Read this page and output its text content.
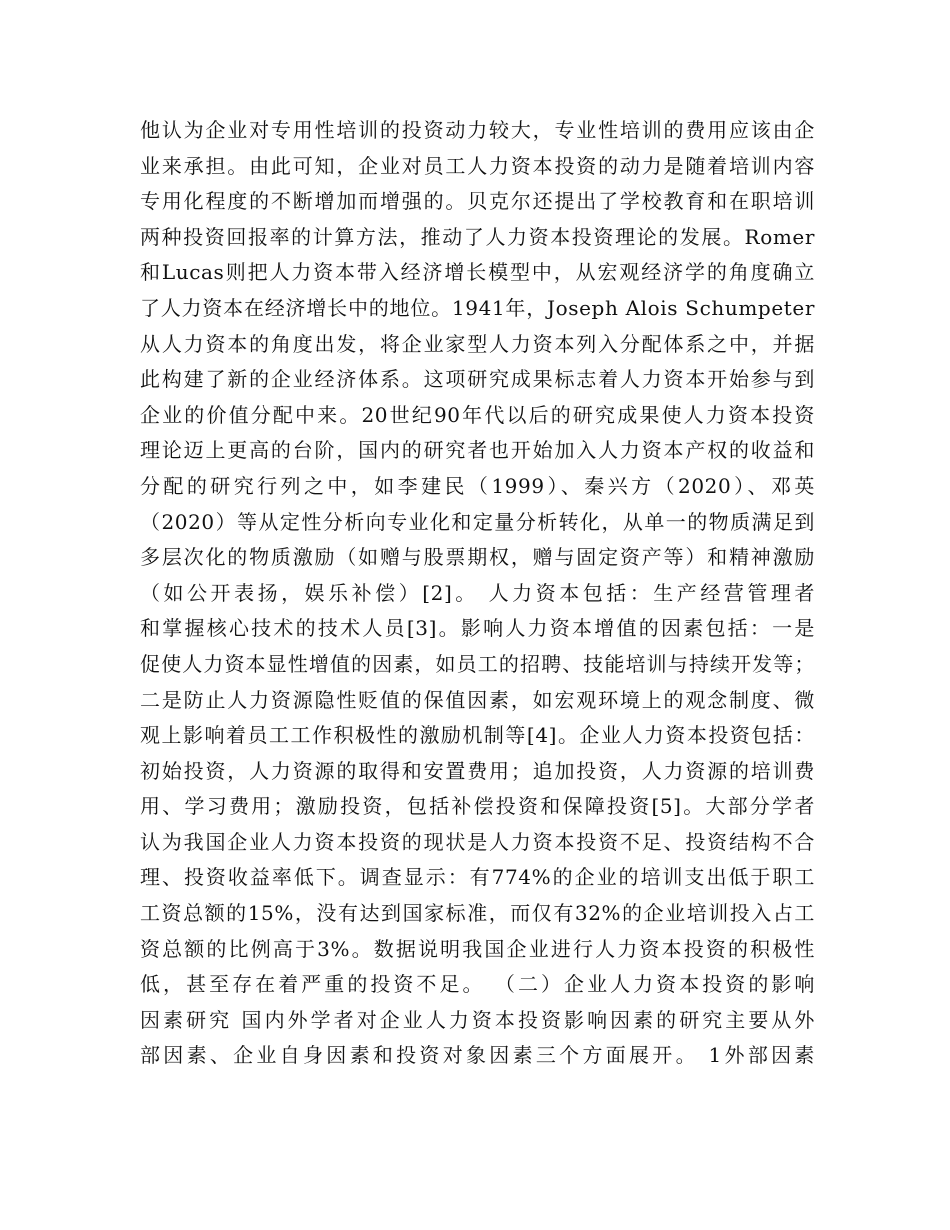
他认为企业对专用性培训的投资动力较大，专业性培训的费用应该由企
业来承担。由此可知，企业对员工人力资本投资的动力是随着培训内容
专用化程度的不断增加而增强的。贝克尔还提出了学校教育和在职培训
两种投资回报率的计算方法，推动了人力资本投资理论的发展。Romer
和Lucas则把人力资本带入经济增长模型中，从宏观经济学的角度确立
了人力资本在经济增长中的地位。1941年，Joseph Alois Schumpeter
从人力资本的角度出发，将企业家型人力资本列入分配体系之中，并据
此构建了新的企业经济体系。这项研究成果标志着人力资本开始参与到
企业的价值分配中来。20世纪90年代以后的研究成果使人力资本投资
理论迈上更高的台阶，国内的研究者也开始加入人力资本产权的收益和
分配的研究行列之中，如李建民（1999）、秦兴方（2020）、邓英
（2020）等从定性分析向专业化和定量分析转化，从单一的物质满足到
多层次化的物质激励（如赠与股票期权，赠与固定资产等）和精神激励
（如公开表扬，娱乐补偿）[2]。 人力资本包括：生产经营管理者
和掌握核心技术的技术人员[3]。影响人力资本增值的因素包括：一是
促使人力资本显性增值的因素，如员工的招聘、技能培训与持续开发等；
二是防止人力资源隐性贬值的保值因素，如宏观环境上的观念制度、微
观上影响着员工工作积极性的激励机制等[4]。企业人力资本投资包括：
初始投资，人力资源的取得和安置费用；追加投资，人力资源的培训费
用、学习费用；激励投资，包括补偿投资和保障投资[5]。大部分学者
认为我国企业人力资本投资的现状是人力资本投资不足、投资结构不合
理、投资收益率低下。调查显示：有774%的企业的培训支出低于职工
工资总额的15%，没有达到国家标准，而仅有32%的企业培训投入占工
资总额的比例高于3%。数据说明我国企业进行人力资本投资的积极性
低，甚至存在着严重的投资不足。 （二）企业人力资本投资的影响
因素研究 国内外学者对企业人力资本投资影响因素的研究主要从外
部因素、企业自身因素和投资对象因素三个方面展开。 1外部因素
